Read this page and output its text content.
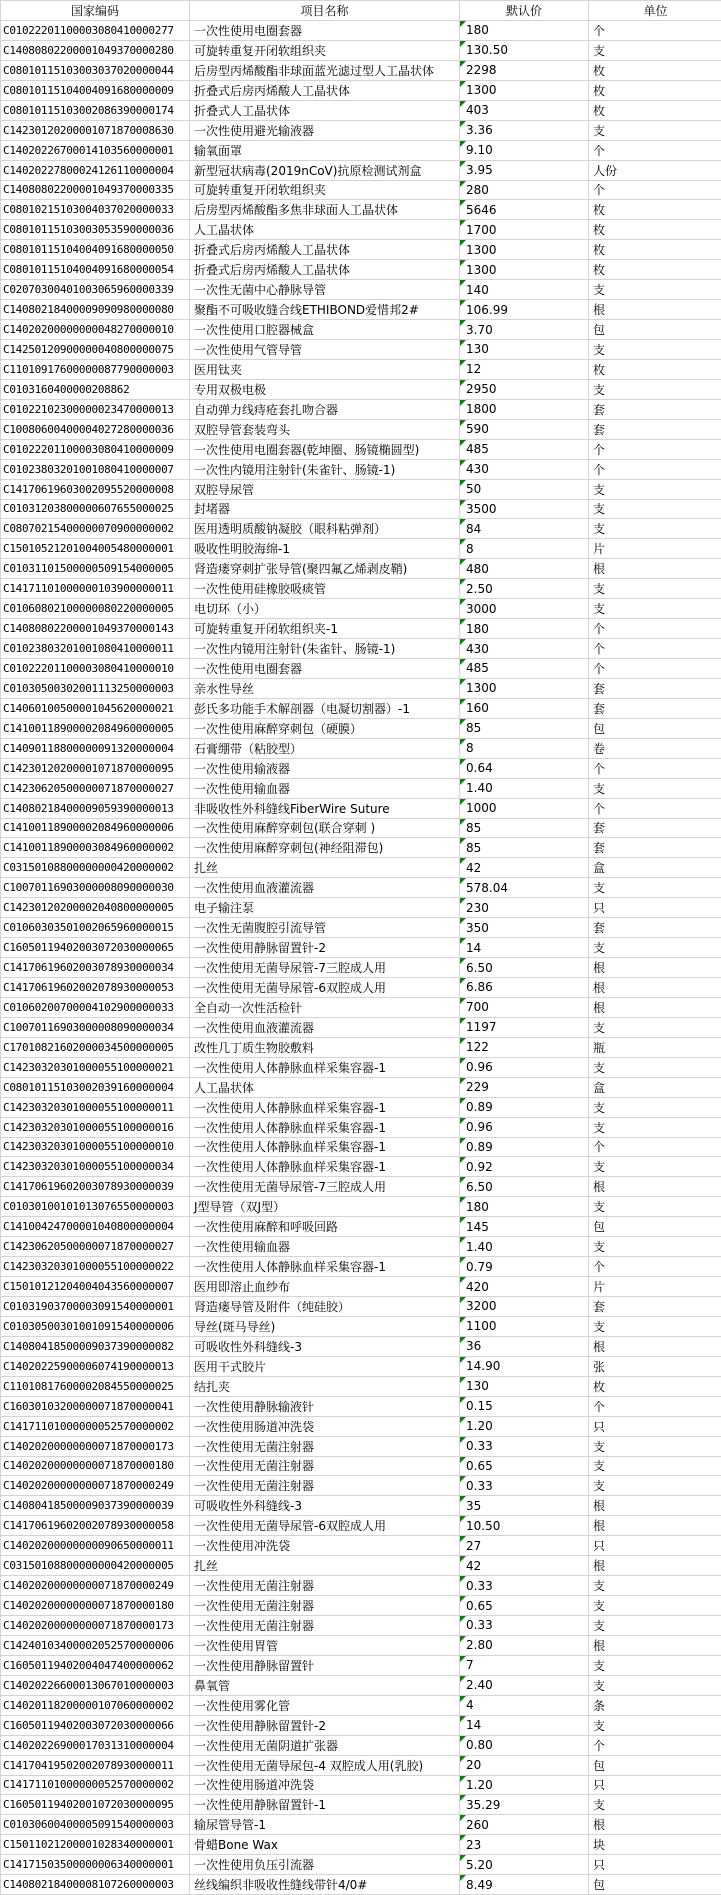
国家编码	项目名称	默认价	单位
C01022201100003080410000277	一次性使用电圈套器	180	个
C14080802200001049370000280	可旋转重复开闭软组织夹	130.50	支
C08010115103003037020000044	后房型丙烯酸酯非球面蓝光滤过型人工晶状体	2298	枚
C08010115104004091680000009	折叠式后房丙烯酸人工晶状体	1300	枚
C08010115103002086390000174	折叠式人工晶状体	403	枚
C14230120200001071870008630	一次性使用避光输液器	3.36	支
C14020226700014103560000001	输氧面罩	9.10	个
C14020227800024126110000004	新型冠状病毒(2019nCoV)抗原检测试剂盒	3.95	人份
C14080802200001049370000335	可旋转重复开闭软组织夹	280	个
C08010215103004037020000033	后房型丙烯酸酯多焦非球面人工晶状体	5646	枚
C08010115103003053590000036	人工晶状体	1700	枚
C08010115104004091680000050	折叠式后房丙烯酸人工晶状体	1300	枚
C08010115104004091680000054	折叠式后房丙烯酸人工晶状体	1300	枚
C02070300401003065960000339	一次性无菌中心静脉导管	140	支
C14080218400009090980000080	聚酯不可吸收缝合线ETHIBOND爱惜邦2#	106.99	根
C14020200000000048270000010	一次性使用口腔器械盒	3.70	包
C14250120900000040800000075	一次性使用气管导管	130	支
C11010917600000087790000003	医用钛夹	12	枚
C0103160400000208862	专用双极电极	2950	支
C01022102300000023470000013	自动弹力线痔疮套扎吻合器	1800	套
C10080600400004027280000036	双腔导管套装弯头	590	套
C01022201100003080410000009	一次性使用电圈套器(乾坤圈、肠镜椭圆型)	485	个
C01023803201001080410000007	一次性内镜用注射针(朱雀针、肠镜-1)	430	个
C14170619603002095520000008	双腔导尿管	50	支
C01031203800000607655000025	封堵器	3500	支
C08070215400000070900000002	医用透明质酸钠凝胶（眼科粘弹剂）	84	支
C15010521201004005480000001	吸收性明胶海绵-1	8	片
C01031101500000509154000005	肾造瘘穿刺扩张导管(聚四氟乙烯剥皮鞘)	480	根
C14171101000000103900000011	一次性使用硅橡胶吸痰管	2.50	支
C01060802100000080220000005	电切环（小）	3000	支
C14080802200001049370000143	可旋转重复开闭软组织夹-1	180	个
C01023803201001080410000011	一次性内镜用注射针(朱雀针、肠镜-1)	430	个
C01022201100003080410000010	一次性使用电圈套器	485	个
C01030500302001113250000003	亲水性导丝	1300	套
C14060100500001045620000021	彭氏多功能手术解剖器（电凝切割器）-1	160	套
C14100118900002084960000005	一次性使用麻醉穿刺包（硬膜）	85	包
C14090118800000091320000004	石膏绷带（粘胶型）	8	卷
C14230120200001071870000095	一次性使用输液器	0.64	个
C14230620500000071870000027	一次性使用输血器	1.40	支
C14080218400009059390000013	非吸收性外科缝线FiberWire Suture	1000	个
C14100118900002084960000006	一次性使用麻醉穿刺包(联合穿刺 )	85	套
C14100118900003084960000002	一次性使用麻醉穿刺包(神经阻滞包)	85	套
C03150108800000000420000002	扎丝	42	盒
C10070116903000008090000030	一次性使用血液灌流器	578.04	支
C14230120200002040800000005	电子输注泵	230	只
C01060303501002065960000015	一次性无菌腹腔引流导管	350	套
C16050119402003072030000065	一次性使用静脉留置针-2	14	支
C14170619602003078930000034	一次性使用无菌导尿管-7三腔成人用	6.50	根
C14170619602002078930000053	一次性使用无菌导尿管-6双腔成人用	6.86	根
C01060200700004102900000033	全自动一次性活检针	700	根
C10070116903000008090000034	一次性使用血液灌流器	1197	支
C17010821602000034500000005	改性几丁质生物胶敷料	122	瓶
C14230320301000055100000021	一次性使用人体静脉血样采集容器-1	0.96	支
C08010115103002039160000004	人工晶状体	229	盒
C14230320301000055100000011	一次性使用人体静脉血样采集容器-1	0.89	支
C14230320301000055100000016	一次性使用人体静脉血样采集容器-1	0.96	支
C14230320301000055100000010	一次性使用人体静脉血样采集容器-1	0.89	个
C14230320301000055100000034	一次性使用人体静脉血样采集容器-1	0.92	支
C14170619602003078930000039	一次性使用无菌导尿管-7三腔成人用	6.50	根
C01030100101013076550000003	J型导管（双J型）	180	支
C14100424700001040800000004	一次性使用麻醉和呼吸回路	145	包
C14230620500000071870000027	一次性使用输血器	1.40	支
C14230320301000055100000022	一次性使用人体静脉血样采集容器-1	0.79	个
C15010121204004043560000007	医用即溶止血纱布	420	片
C01031903700003091540000001	肾造瘘导管及附件（纯硅胶）	3200	套
C01030500301001091540000006	导丝(斑马导丝)	1100	支
C14080418500009037390000082	可吸收性外科缝线-3	36	根
C14020225900006074190000013	医用干式胶片	14.90	张
C11010817600002084550000025	结扎夹	130	枚
C16030103200000071870000041	一次性使用静脉输液针	0.15	个
C14171101000000052570000002	一次性使用肠道冲洗袋	1.20	只
C14020200000000071870000173	一次性使用无菌注射器	0.33	支
C14020200000000071870000180	一次性使用无菌注射器	0.65	支
C14020200000000071870000249	一次性使用无菌注射器	0.33	支
C14080418500009037390000039	可吸收性外科缝线-3	35	根
C14170619602002078930000058	一次性使用无菌导尿管-6双腔成人用	10.50	根
C14020200000000090650000011	一次性使用冲洗袋	27	只
C03150108800000000420000005	扎丝	42	根
C14020200000000071870000249	一次性使用无菌注射器	0.33	支
C14020200000000071870000180	一次性使用无菌注射器	0.65	支
C14020200000000071870000173	一次性使用无菌注射器	0.33	支
C14240103400002052570000006	一次性使用胃管	2.80	根
C16050119402004047400000062	一次性使用静脉留置针	7	支
C14020226600013067010000003	鼻氧管	2.40	支
C14020118200000107060000002	一次性使用雾化管	4	条
C16050119402003072030000066	一次性使用静脉留置针-2	14	支
C14020226900017031310000004	一次性使用无菌阴道扩张器	0.80	个
C14170419502002078930000011	一次性使用无菌导尿包-4 双腔成人用(乳胶)	20	包
C14171101000000052570000002	一次性使用肠道冲洗袋	1.20	只
C16050119402001072030000095	一次性使用静脉留置针-1	35.29	支
C01030600400005091540000003	输尿管导管-1	260	根
C15011021200001028340000001	骨蜡Bone Wax	23	块
C14171503500000006340000001	一次性使用负压引流器	5.20	只
C14080218400008107260000003	丝线编织非吸收性缝线带针4/0#	8.49	包
